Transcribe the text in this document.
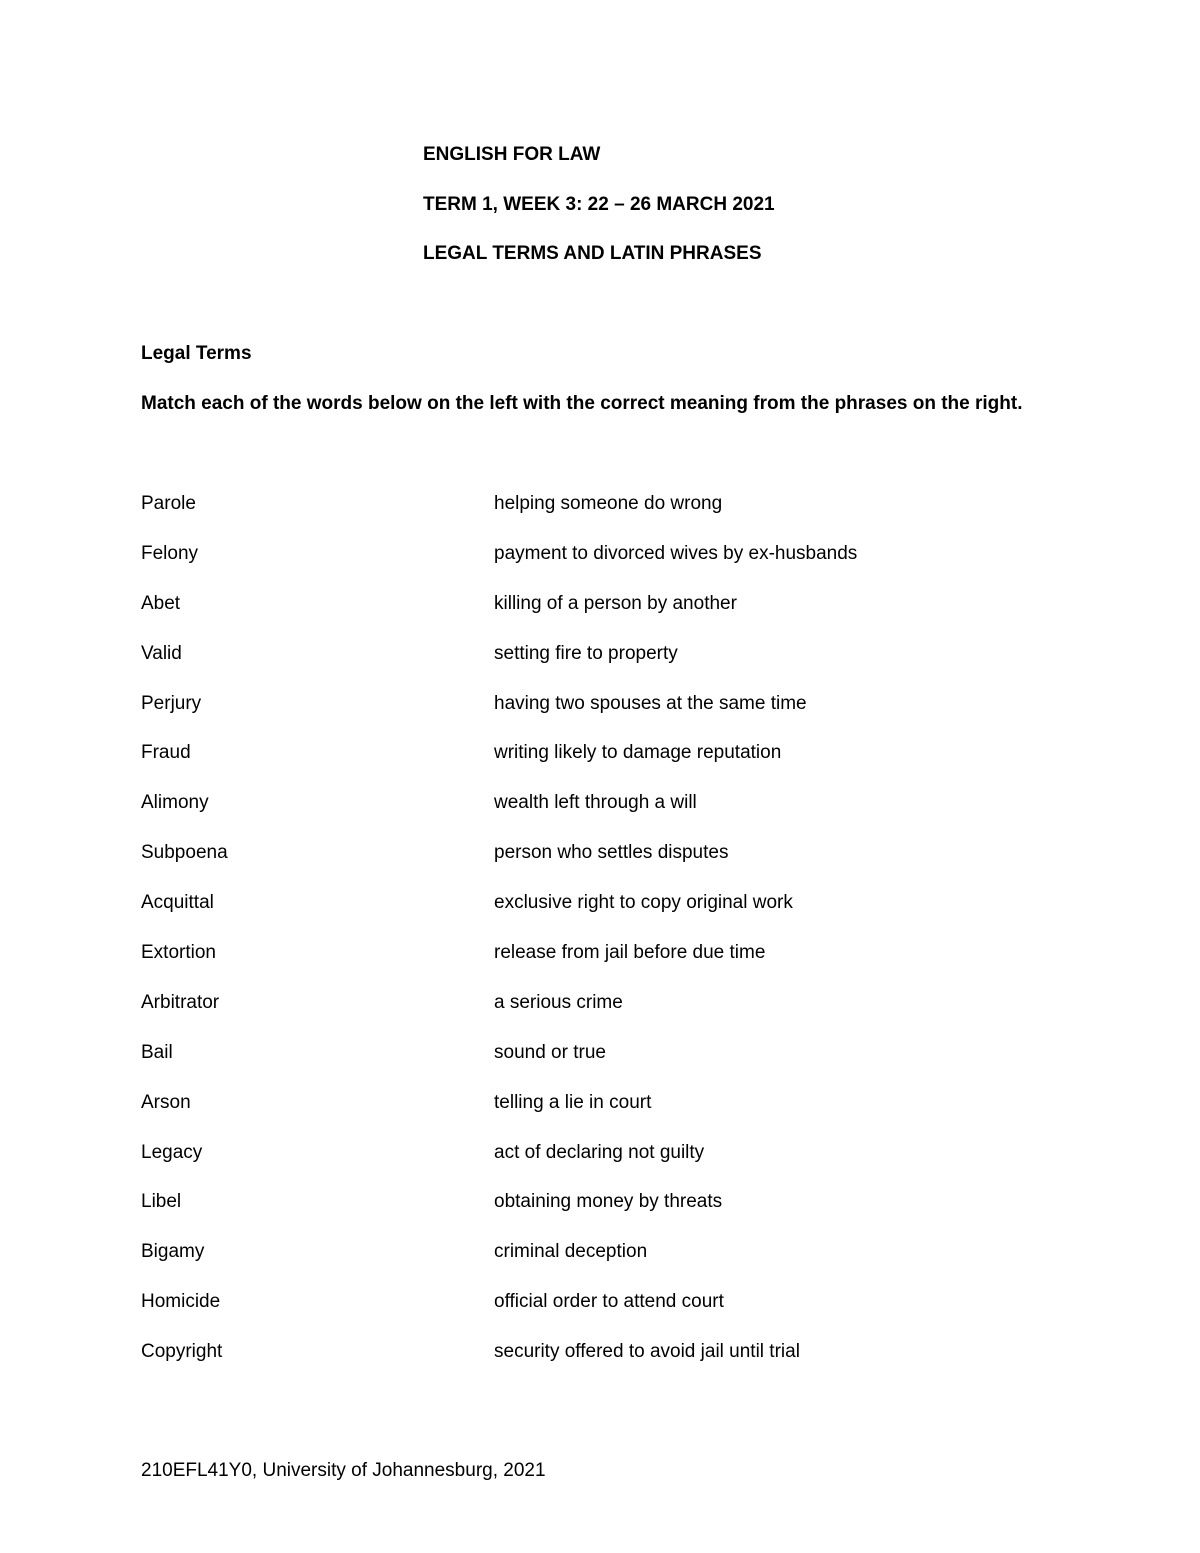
ENGLISH FOR LAW
TERM 1, WEEK 3: 22 – 26 MARCH 2021
LEGAL TERMS AND LATIN PHRASES
Legal Terms
Match each of the words below on the left with the correct meaning from the phrases on the right.
Parole	helping someone do wrong
Felony	payment to divorced wives by ex-husbands
Abet	killing of a person by another
Valid	setting fire to property
Perjury	having two spouses at the same time
Fraud	writing likely to damage reputation
Alimony	wealth left through a will
Subpoena	person who settles disputes
Acquittal	exclusive right to copy original work
Extortion	release from jail before due time
Arbitrator	a serious crime
Bail	sound or true
Arson	telling a lie in court
Legacy	act of declaring not guilty
Libel	obtaining money by threats
Bigamy	criminal deception
Homicide	official order to attend court
Copyright	security offered to avoid jail until trial
210EFL41Y0, University of Johannesburg, 2021
